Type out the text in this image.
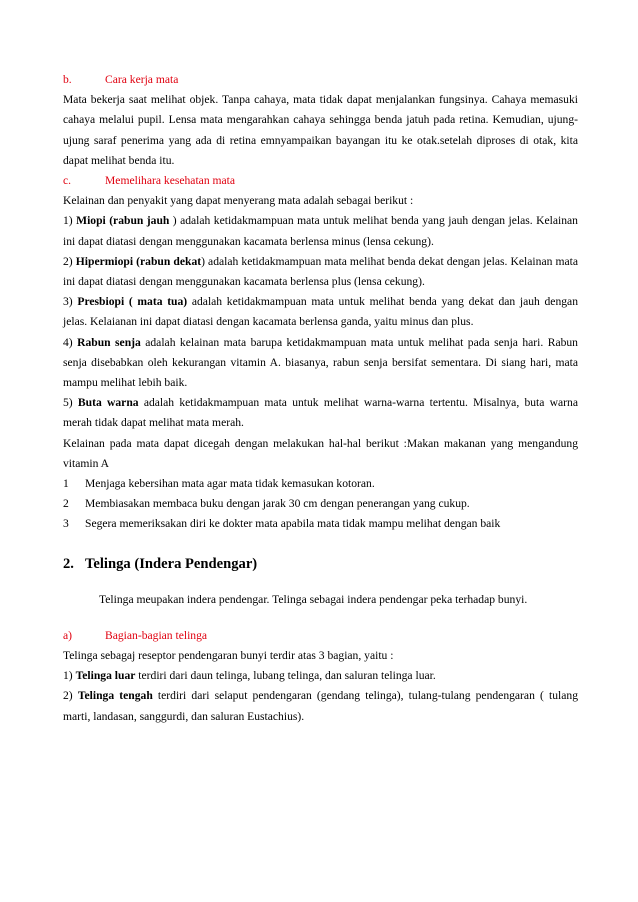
b.	Cara kerja mata

Mata bekerja saat melihat objek. Tanpa cahaya, mata tidak dapat menjalankan fungsinya. Cahaya memasuki cahaya melalui pupil. Lensa mata mengarahkan cahaya sehingga benda jatuh pada retina. Kemudian, ujung-ujung saraf penerima yang ada di retina emnyampaikan bayangan itu ke otak.setelah diproses di otak, kita dapat melihat benda itu.

c.	Memelihara kesehatan mata

Kelainan dan penyakit yang dapat menyerang mata adalah sebagai berikut :

1) Miopi (rabun jauh ) adalah ketidakmampuan mata untuk melihat benda yang jauh dengan jelas. Kelainan ini dapat diatasi dengan menggunakan kacamata berlensa minus (lensa cekung).

2) Hipermiopi (rabun dekat) adalah ketidakmampuan mata melihat benda dekat dengan jelas. Kelainan mata ini dapat diatasi dengan menggunakan kacamata berlensa plus (lensa cekung).

3) Presbiopi ( mata tua) adalah ketidakmampuan mata untuk melihat benda yang dekat dan jauh dengan jelas. Kelaianan ini dapat diatasi dengan kacamata berlensa ganda, yaitu minus dan plus.

4) Rabun senja adalah kelainan mata barupa ketidakmampuan mata untuk melihat pada senja hari. Rabun senja disebabkan oleh kekurangan vitamin A. biasanya, rabun senja bersifat sementara. Di siang hari, mata mampu melihat lebih baik.

5) Buta warna adalah ketidakmampuan mata untuk melihat warna-warna tertentu. Misalnya, buta warna merah tidak dapat melihat mata merah.

Kelainan pada mata dapat dicegah dengan melakukan hal-hal berikut :Makan makanan yang mengandung vitamin A

1	Menjaga kebersihan mata agar mata tidak kemasukan kotoran.
2	Membiasakan membaca buku dengan jarak 30 cm dengan penerangan yang cukup.
3	Segera memeriksakan diri ke dokter mata apabila mata tidak mampu melihat dengan baik
2. Telinga (Indera Pendengar)

Telinga meupakan indera pendengar. Telinga sebagai indera pendengar peka terhadap bunyi.

a)	Bagian-bagian telinga

Telinga sebagaj reseptor pendengaran bunyi terdir atas 3 bagian, yaitu :

1) Telinga luar terdiri dari daun telinga, lubang telinga, dan saluran telinga luar.

2) Telinga tengah terdiri dari selaput pendengaran (gendang telinga), tulang-tulang pendengaran ( tulang marti, landasan, sanggurdi, dan saluran Eustachius).
